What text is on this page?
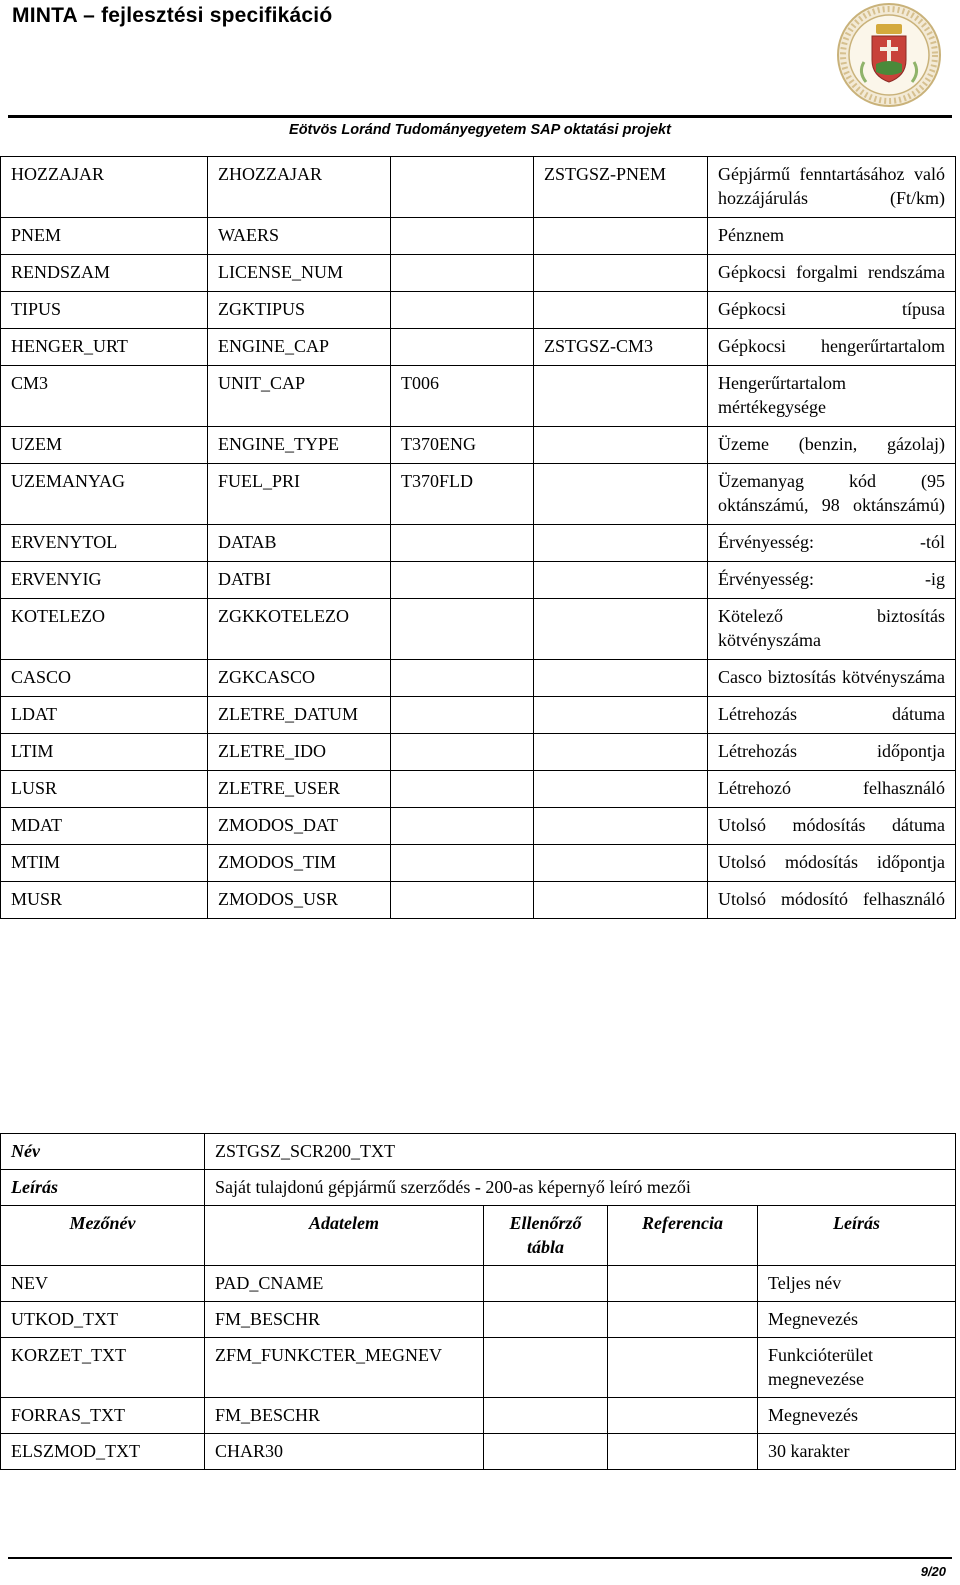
MINTA – fejlesztési specifikáció
Eötvös Loránd Tudományegyetem SAP oktatási projekt
HOZZAJAR	ZHOZZAJAR		ZSTGSZ-PNEM	Gépjármű fenntartásához való hozzájárulás (Ft/km)
PNEM	WAERS			Pénznem
RENDSZAM	LICENSE_NUM			Gépkocsi forgalmi rendszáma
TIPUS	ZGKTIPUS			Gépkocsi típusa
HENGER_URT	ENGINE_CAP		ZSTGSZ-CM3	Gépkocsi hengerűrtartalom
CM3	UNIT_CAP	T006		Hengerűrtartalom mértékegysége
UZEM	ENGINE_TYPE	T370ENG		Üzeme (benzin, gázolaj)
UZEMANYAG	FUEL_PRI	T370FLD		Üzemanyag kód (95 oktánszámú, 98 oktánszámú)
ERVENYTOL	DATAB			Érvényesség: -tól
ERVENYIG	DATBI			Érvényesség: -ig
KOTELEZO	ZGKKOTELEZO			Kötelező biztosítás kötvényszáma
CASCO	ZGKCASCO			Casco biztosítás kötvényszáma
LDAT	ZLETRE_DATUM			Létrehozás dátuma
LTIM	ZLETRE_IDO			Létrehozás időpontja
LUSR	ZLETRE_USER			Létrehozó felhasználó
MDAT	ZMODOS_DAT			Utolsó módosítás dátuma
MTIM	ZMODOS_TIM			Utolsó módosítás időpontja
MUSR	ZMODOS_USR			Utolsó módosító felhasználó
Név	ZSTGSZ_SCR200_TXT			
Leírás	Saját tulajdonú gépjármű szerződés - 200-as képernyő leíró mezői			
Mezőnév	Adatelem	Ellenőrző tábla	Referencia	Leírás
NEV	PAD_CNAME			Teljes név
UTKOD_TXT	FM_BESCHR			Megnevezés
KORZET_TXT	ZFM_FUNKCTER_MEGNEV			Funkcióterület megnevezése
FORRAS_TXT	FM_BESCHR			Megnevezés
ELSZMOD_TXT	CHAR30			30 karakter
9/20
